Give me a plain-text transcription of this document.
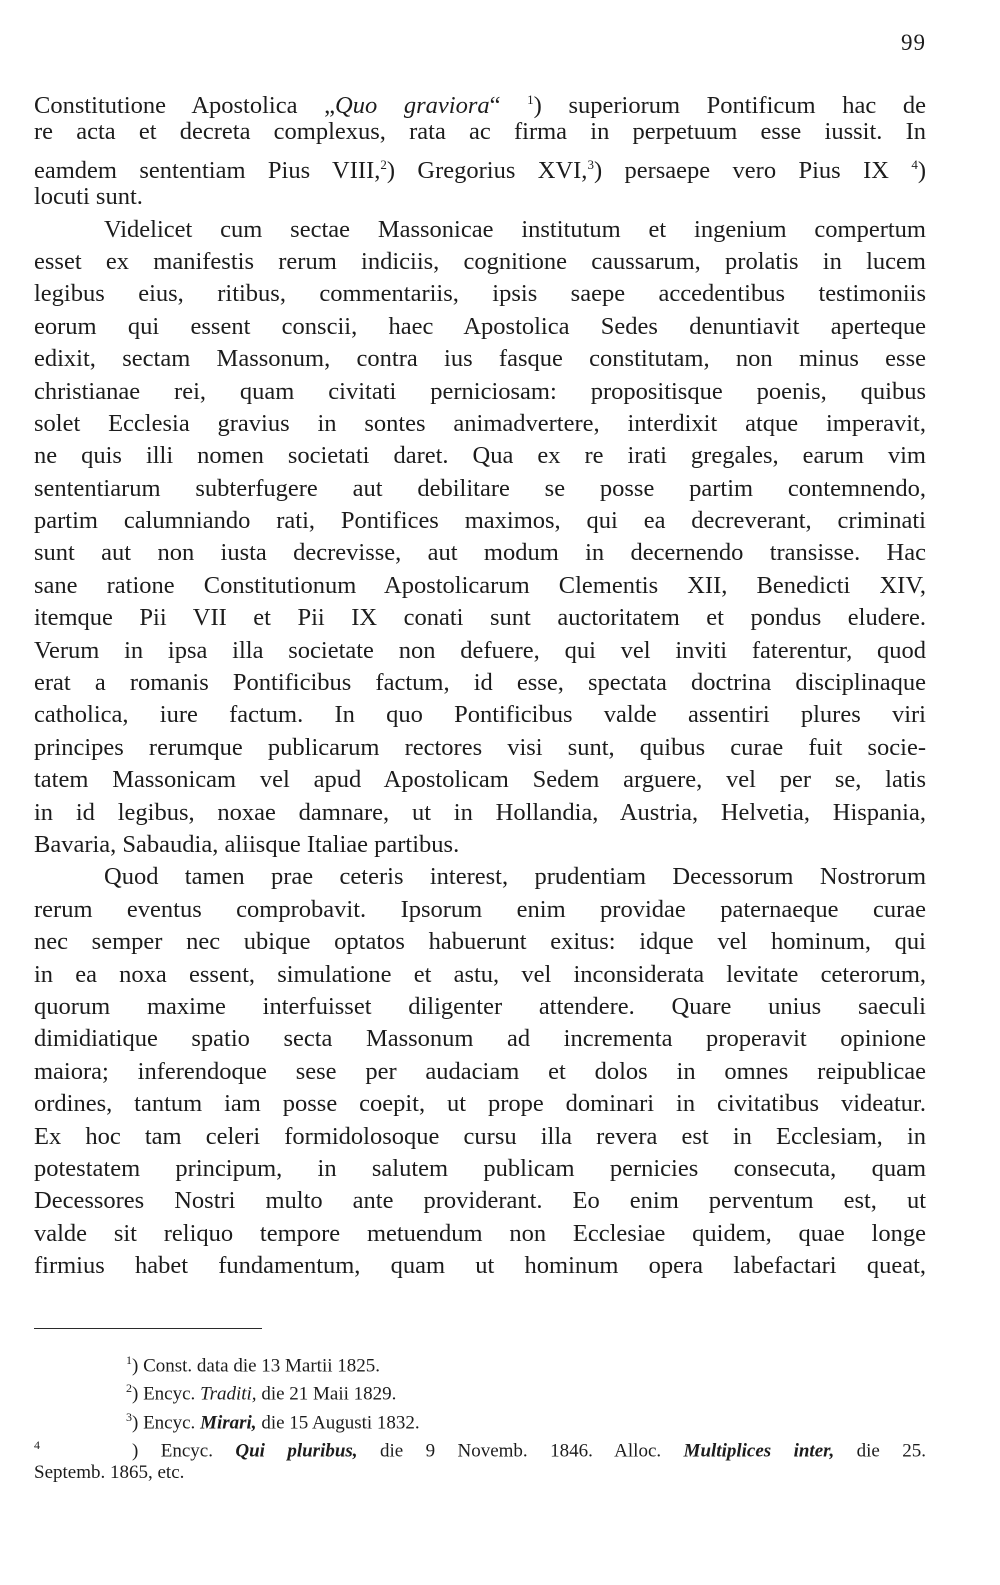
99
Constitutione Apostolica „Quo graviora“ $^1$) superiorum Pontificum hac de
re acta et decreta complexus, rata ac firma in perpetuum esse iussit. In
eamdem sententiam Pius VIII,$^2$) Gregorius XVI,$^3$) persaepe vero Pius IX $^4$)
locuti sunt.
Videlicet cum sectae Massonicae institutum et ingenium compertum
esset ex manifestis rerum indiciis, cognitione caussarum, prolatis in lucem
legibus eius, ritibus, commentariis, ipsis saepe accedentibus testimoniis
eorum qui essent conscii, haec Apostolica Sedes denuntiavit aperteque
edixit, sectam Massonum, contra ius fasque constitutam, non minus esse
christianae rei, quam civitati perniciosam: propositisque poenis, quibus
solet Ecclesia gravius in sontes animadvertere, interdixit atque imperavit,
ne quis illi nomen societati daret. Qua ex re irati gregales, earum vim
sententiarum subterfugere aut debilitare se posse partim contemnendo,
partim calumniando rati, Pontifices maximos, qui ea decreverant, criminati
sunt aut non iusta decrevisse, aut modum in decernendo transisse. Hac
sane ratione Constitutionum Apostolicarum Clementis XII, Benedicti XIV,
itemque Pii VII et Pii IX conati sunt auctoritatem et pondus eludere.
Verum in ipsa illa societate non defuere, qui vel inviti faterentur, quod
erat a romanis Pontificibus factum, id esse, spectata doctrina disciplinaque
catholica, iure factum. In quo Pontificibus valde assentiri plures viri
principes rerumque publicarum rectores visi sunt, quibus curae fuit socie-
tatem Massonicam vel apud Apostolicam Sedem arguere, vel per se, latis
in id legibus, noxae damnare, ut in Hollandia, Austria, Helvetia, Hispania,
Bavaria, Sabaudia, aliisque Italiae partibus.
Quod tamen prae ceteris interest, prudentiam Decessorum Nostrorum
rerum eventus comprobavit. Ipsorum enim providae paternaeque curae
nec semper nec ubique optatos habuerunt exitus: idque vel hominum, qui
in ea noxa essent, simulatione et astu, vel inconsiderata levitate ceterorum,
quorum maxime interfuisset diligenter attendere. Quare unius saeculi
dimidiatique spatio secta Massonum ad incrementa properavit opinione
maiora; inferendoque sese per audaciam et dolos in omnes reipublicae
ordines, tantum iam posse coepit, ut prope dominari in civitatibus videatur.
Ex hoc tam celeri formidolosoque cursu illa revera est in Ecclesiam, in
potestatem principum, in salutem publicam pernicies consecuta, quam
Decessores Nostri multo ante providerant. Eo enim perventum est, ut
valde sit reliquo tempore metuendum non Ecclesiae quidem, quae longe
firmius habet fundamentum, quam ut hominum opera labefactari queat,
$^1$) Const. data die 13 Martii 1825.
$^2$) Encyc. Traditi, die 21 Maii 1829.
$^3$) Encyc. Mirari, die 15 Augusti 1832.
$^4$	) Encyc. Qui pluribus, die 9 Novemb. 1846. Alloc. Multiplices inter, die 25.
Septemb. 1865, etc.
